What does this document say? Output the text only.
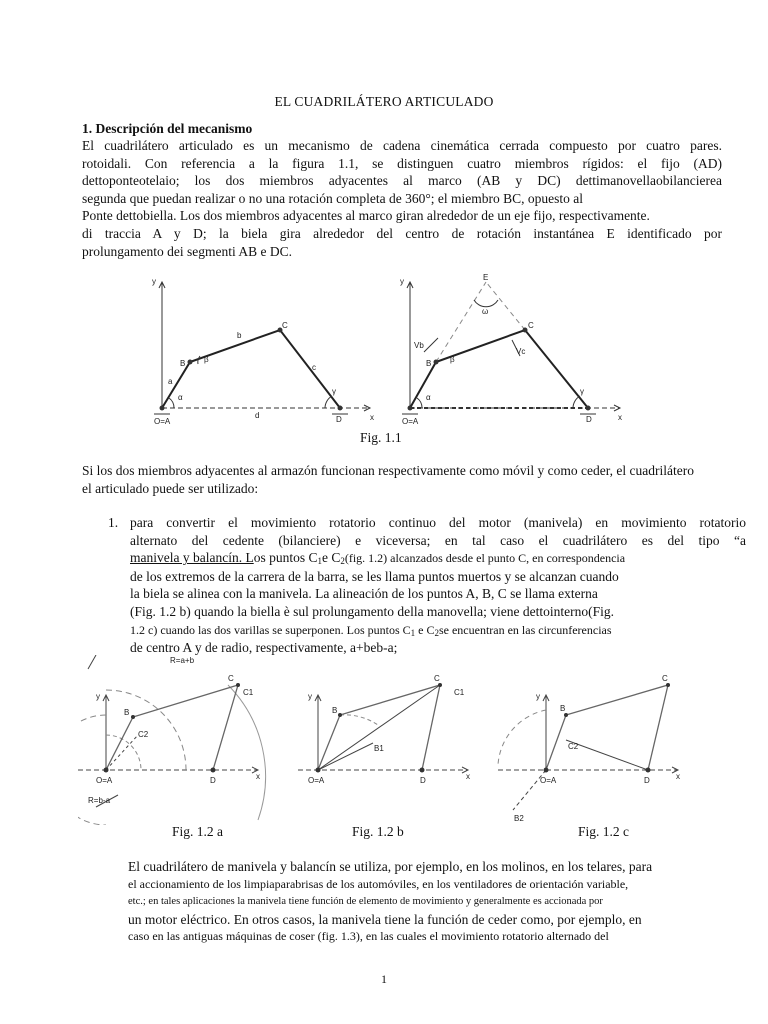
EL CUADRILÁTERO ARTICULADO
1. Descripción del mecanismo
El cuadrilátero articulado es un mecanismo de cadena cinemática cerrada compuesto por cuatro pares.
rotoidali. Con referencia a la figura 1.1, se distinguen cuatro miembros rígidos: el fijo (AD)
dettoponteotelaio; los dos miembros adyacentes al marco (AB y DC) dettimanovellaobilancierea
segunda que puedan realizar o no una rotación completa de 360°; el miembro BC, opuesto al
Ponte dettobiella. Los dos miembros adyacentes al marco giran alrededor de un eje fijo, respectivamente.
di traccia A y D; la biela gira alrededor del centro de rotación instantánea E identificado por
prolungamento dei segmenti AB e DC.
y
x
O=A
a
b
c
d
B
C
D
α
β
γ
y
x
O=A
E
ω
Vb
Vc
B
C
D
β
α
γ
Fig. 1.1
Si los dos miembros adyacentes al armazón funcionan respectivamente como móvil y como ceder, el cuadrilátero
el articulado puede ser utilizado:
1. para convertir el movimiento rotatorio continuo del motor (manivela) en movimiento rotatorio
alternato del cedente (bilanciere) e viceversa; en tal caso el cuadrilátero es del tipo “a
manivela y balancín. Los puntos $C_1e$ $C_2(fig$. 1.2) alcanzados desde el punto C, en correspondencia
de los extremos de la carrera de la barra, se les llama puntos muertos y se alcanzan cuando
la biela se alinea con la manivela. La alineación de los puntos A, B, C se llama externa
(Fig. 1.2 b) quando la biella è sul prolungamento della manovella; viene dettointerno(Fig.
1.2 c) cuando las dos varillas se superponen. Los puntos $C_1$ e $C_2se$ encuentran en las circunferencias
de centro A y de radio, respectivamente, a+beb-a;
y
x
O=A
B
C
C1
C2
D
R=a+b
R=b-a
y
x
O=A
B
B1
C
C1
D
y
x
O=A
B
C2
C
D
B2
Fig. 1.2 a	Fig. 1.2 b	Fig. 1.2 c
El cuadrilátero de manivela y balancín se utiliza, por ejemplo, en los molinos, en los telares, para
el accionamiento de los limpiaparabrisas de los automóviles, en los ventiladores de orientación variable,
etc.; en tales aplicaciones la manivela tiene función de elemento de movimiento y generalmente es accionada por
un motor eléctrico. En otros casos, la manivela tiene la función de ceder como, por ejemplo, en
caso en las antiguas máquinas de coser (fig. 1.3), en las cuales el movimiento rotatorio alternado del
1
